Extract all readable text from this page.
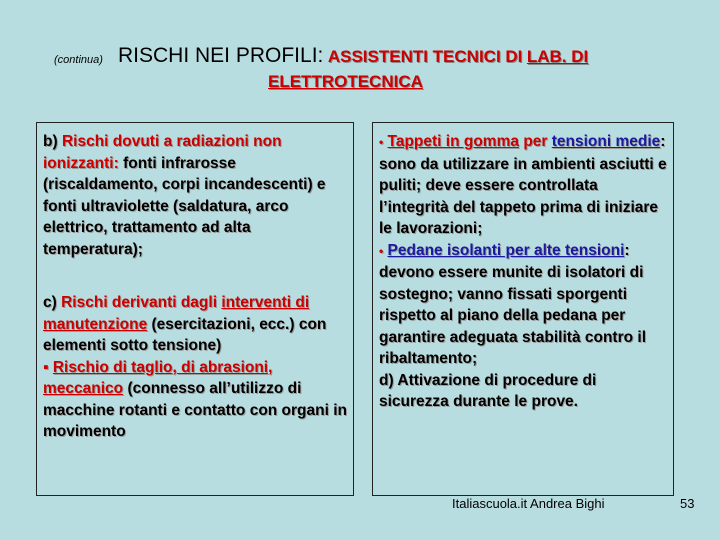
(continua) RISCHI NEI PROFILI: ASSISTENTI TECNICI DI LAB. DI
ELETTROTECNICA

b) Rischi dovuti a radiazioni non ionizzanti: fonti infrarosse (riscaldamento, corpi incandescenti) e fonti ultraviolette (saldatura, arco elettrico, trattamento ad alta temperatura);

c) Rischi derivanti dagli interventi di manutenzione (esercitazioni, ecc.) con elementi sotto tensione)

▪ Rischio di taglio, di abrasioni, meccanico (connesso all’utilizzo di macchine rotanti e contatto con organi in movimento

• Tappeti in gomma per tensioni medie: sono da utilizzare in ambienti asciutti e puliti; deve essere controllata l’integrità del tappeto prima di iniziare le lavorazioni;

• Pedane isolanti per alte tensioni: devono essere munite di isolatori di sostegno; vanno fissati sporgenti rispetto al piano della pedana per garantire adeguata stabilità contro il ribaltamento;

d) Attivazione di procedure di sicurezza durante le prove.

Italiascuola.it Andrea Bighi	53
